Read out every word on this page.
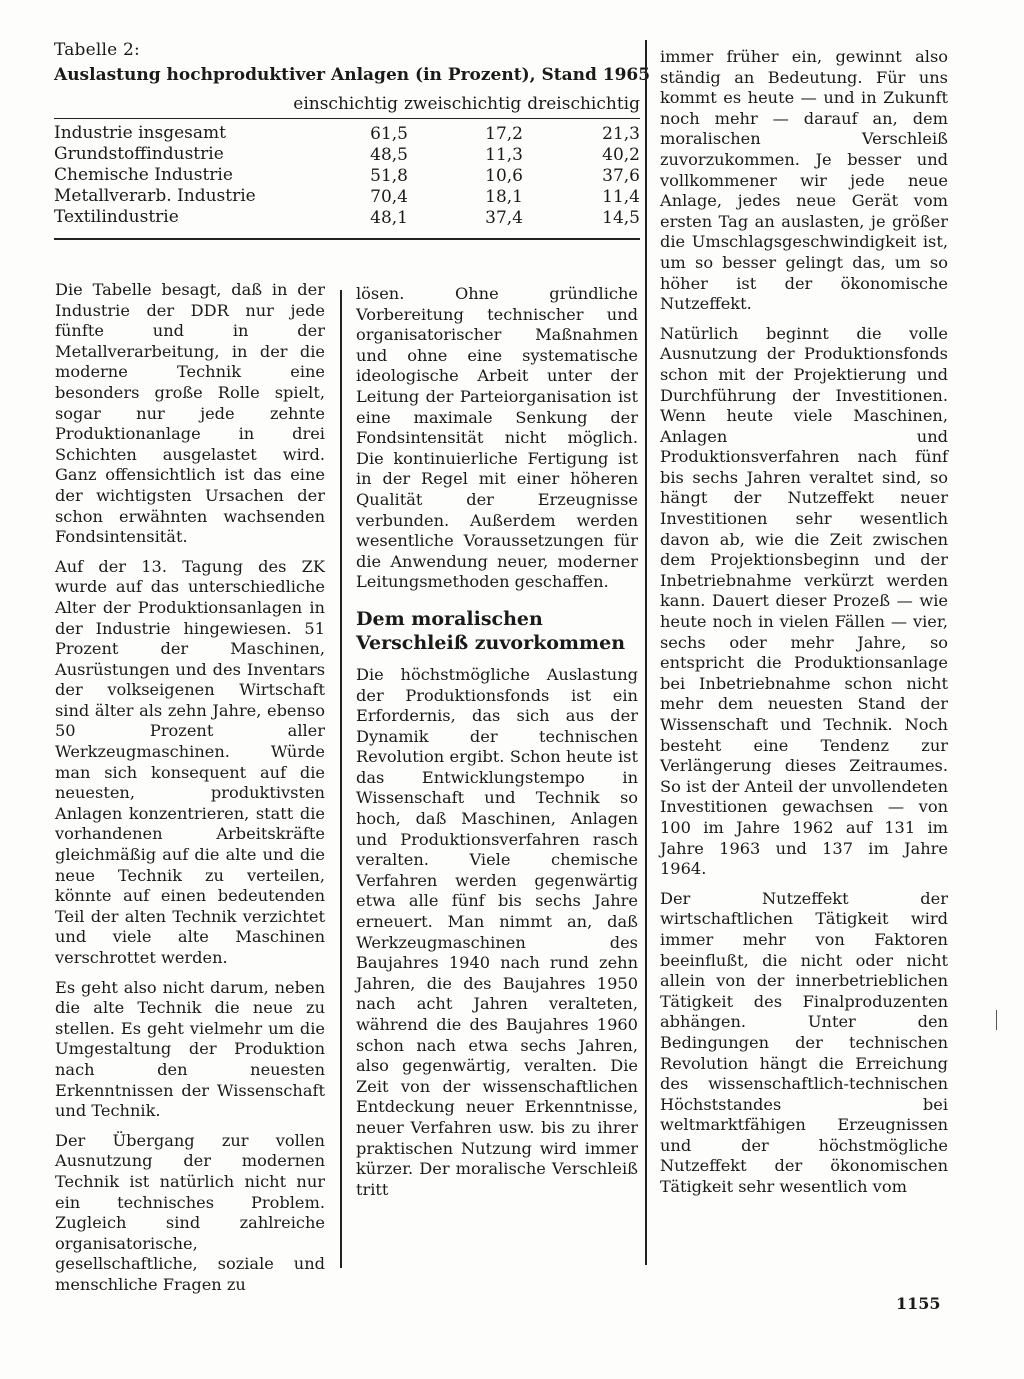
Tabelle 2:
Auslastung hochproduktiver Anlagen (in Prozent), Stand 1965
einschichtig zweischichtig dreischichtig
Industrie insgesamt	61,5	17,2	21,3
Grundstoffindustrie	48,5	11,3	40,2
Chemische Industrie	51,8	10,6	37,6
Metallverarb. Industrie	70,4	18,1	11,4
Textilindustrie	48,1	37,4	14,5

Die Tabelle besagt, daß in der Industrie der DDR nur jede fünfte und in der Metallverarbeitung, in der die moderne Technik eine besonders große Rolle spielt, sogar nur jede zehnte Produktionanlage in drei Schichten ausgelastet wird. Ganz offensichtlich ist das eine der wichtigsten Ursachen der schon erwähnten wachsenden Fondsintensität.

Auf der 13. Tagung des ZK wurde auf das unterschiedliche Alter der Produktionsanlagen in der Industrie hingewiesen. 51 Prozent der Maschinen, Ausrüstungen und des Inventars der volkseigenen Wirtschaft sind älter als zehn Jahre, ebenso 50 Prozent aller Werkzeugmaschinen. Würde man sich konsequent auf die neuesten, produktivsten Anlagen konzentrieren, statt die vorhandenen Arbeitskräfte gleichmäßig auf die alte und die neue Technik zu verteilen, könnte auf einen bedeutenden Teil der alten Technik verzichtet und viele alte Maschinen verschrottet werden.

Es geht also nicht darum, neben die alte Technik die neue zu stellen. Es geht vielmehr um die Umgestaltung der Produktion nach den neuesten Erkenntnissen der Wissenschaft und Technik.

Der Übergang zur vollen Ausnutzung der modernen Technik ist natürlich nicht nur ein technisches Problem. Zugleich sind zahlreiche organisatorische, gesellschaftliche, soziale und menschliche Fragen zu

lösen. Ohne gründliche Vorbereitung technischer und organisatorischer Maßnahmen und ohne eine systematische ideologische Arbeit unter der Leitung der Parteiorganisation ist eine maximale Senkung der Fondsintensität nicht möglich. Die kontinuierliche Fertigung ist in der Regel mit einer höheren Qualität der Erzeugnisse verbunden. Außerdem werden wesentliche Voraussetzungen für die Anwendung neuer, moderner Leitungsmethoden geschaffen.

Dem moralischen Verschleiß zuvorkommen

Die höchstmögliche Auslastung der Produktionsfonds ist ein Erfordernis, das sich aus der Dynamik der technischen Revolution ergibt. Schon heute ist das Entwicklungstempo in Wissenschaft und Technik so hoch, daß Maschinen, Anlagen und Produktionsverfahren rasch veralten. Viele chemische Verfahren werden gegenwärtig etwa alle fünf bis sechs Jahre erneuert. Man nimmt an, daß Werkzeugmaschinen des Baujahres 1940 nach rund zehn Jahren, die des Baujahres 1950 nach acht Jahren veralteten, während die des Baujahres 1960 schon nach etwa sechs Jahren, also gegenwärtig, veralten. Die Zeit von der wissenschaftlichen Entdeckung neuer Erkenntnisse, neuer Verfahren usw. bis zu ihrer praktischen Nutzung wird immer kürzer. Der moralische Verschleiß tritt

immer früher ein, gewinnt also ständig an Bedeutung. Für uns kommt es heute — und in Zukunft noch mehr — darauf an, dem moralischen Verschleiß zuvorzukommen. Je besser und vollkommener wir jede neue Anlage, jedes neue Gerät vom ersten Tag an auslasten, je größer die Umschlagsgeschwindigkeit ist, um so besser gelingt das, um so höher ist der ökonomische Nutzeffekt.

Natürlich beginnt die volle Ausnutzung der Produktionsfonds schon mit der Projektierung und Durchführung der Investitionen. Wenn heute viele Maschinen, Anlagen und Produktionsverfahren nach fünf bis sechs Jahren veraltet sind, so hängt der Nutzeffekt neuer Investitionen sehr wesentlich davon ab, wie die Zeit zwischen dem Projektionsbeginn und der Inbetriebnahme verkürzt werden kann. Dauert dieser Prozeß — wie heute noch in vielen Fällen — vier, sechs oder mehr Jahre, so entspricht die Produktionsanlage bei Inbetriebnahme schon nicht mehr dem neuesten Stand der Wissenschaft und Technik. Noch besteht eine Tendenz zur Verlängerung dieses Zeitraumes. So ist der Anteil der unvollendeten Investitionen gewachsen — von 100 im Jahre 1962 auf 131 im Jahre 1963 und 137 im Jahre 1964.

Der Nutzeffekt der wirtschaftlichen Tätigkeit wird immer mehr von Faktoren beeinflußt, die nicht oder nicht allein von der innerbetrieblichen Tätigkeit des Finalproduzenten abhängen. Unter den Bedingungen der technischen Revolution hängt die Erreichung des wissenschaftlich-technischen Höchststandes bei weltmarktfähigen Erzeugnissen und der höchstmögliche Nutzeffekt der ökonomischen Tätigkeit sehr wesentlich vom

1155
